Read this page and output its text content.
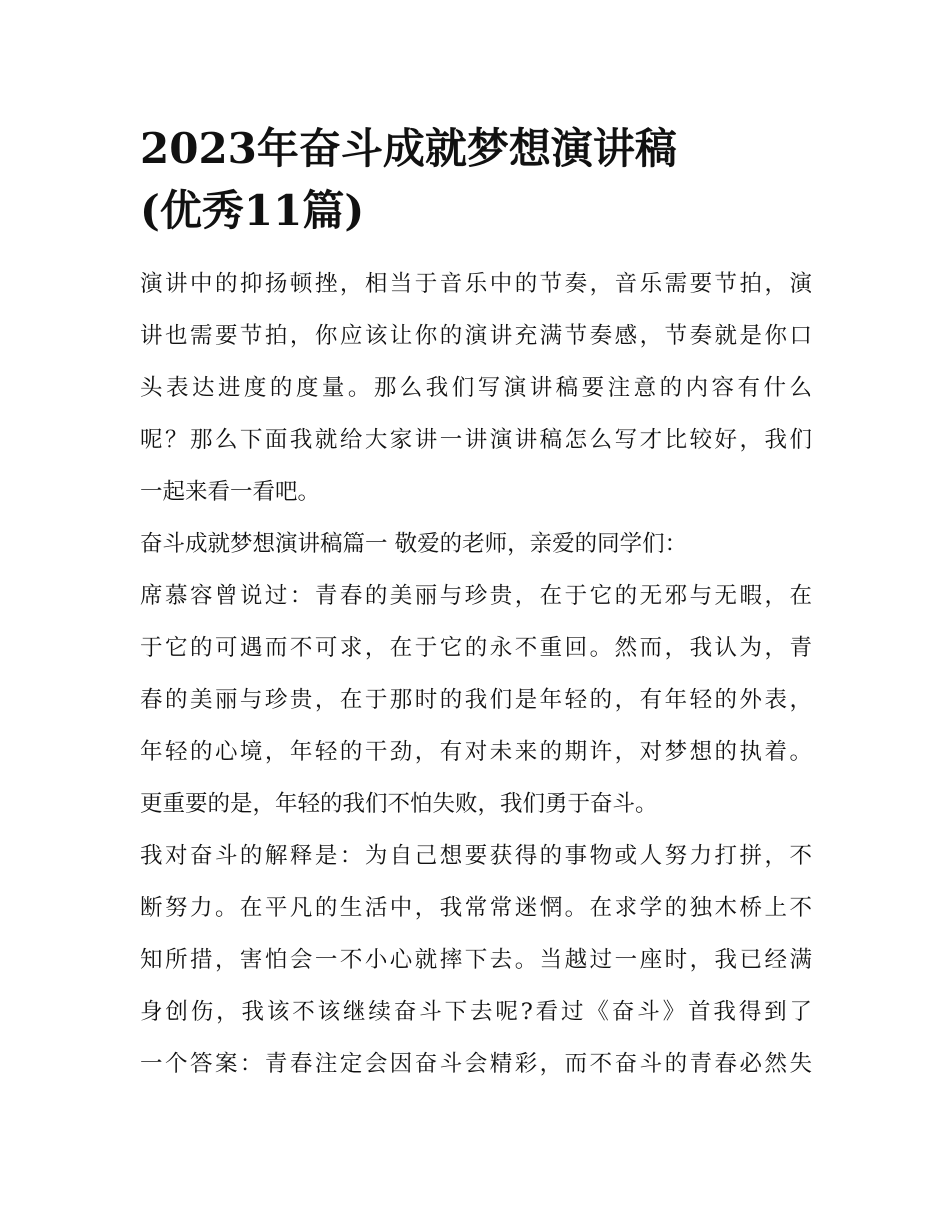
2023年奋斗成就梦想演讲稿
(优秀11篇)

演讲中的抑扬顿挫，相当于音乐中的节奏，音乐需要节拍，演
讲也需要节拍，你应该让你的演讲充满节奏感，节奏就是你口
头表达进度的度量。那么我们写演讲稿要注意的内容有什么
呢？那么下面我就给大家讲一讲演讲稿怎么写才比较好，我们
一起来看一看吧。

奋斗成就梦想演讲稿篇一 敬爱的老师，亲爱的同学们：

席慕容曾说过：青春的美丽与珍贵，在于它的无邪与无暇，在
于它的可遇而不可求，在于它的永不重回。然而，我认为，青
春的美丽与珍贵，在于那时的我们是年轻的，有年轻的外表，
年轻的心境，年轻的干劲，有对未来的期许，对梦想的执着。
更重要的是，年轻的我们不怕失败，我们勇于奋斗。

我对奋斗的解释是：为自己想要获得的事物或人努力打拼，不
断努力。在平凡的生活中，我常常迷惘。在求学的独木桥上不
知所措，害怕会一不小心就摔下去。当越过一座时，我已经满
身创伤，我该不该继续奋斗下去呢?看过《奋斗》首我得到了
一个答案：青春注定会因奋斗会精彩，而不奋斗的青春必然失
